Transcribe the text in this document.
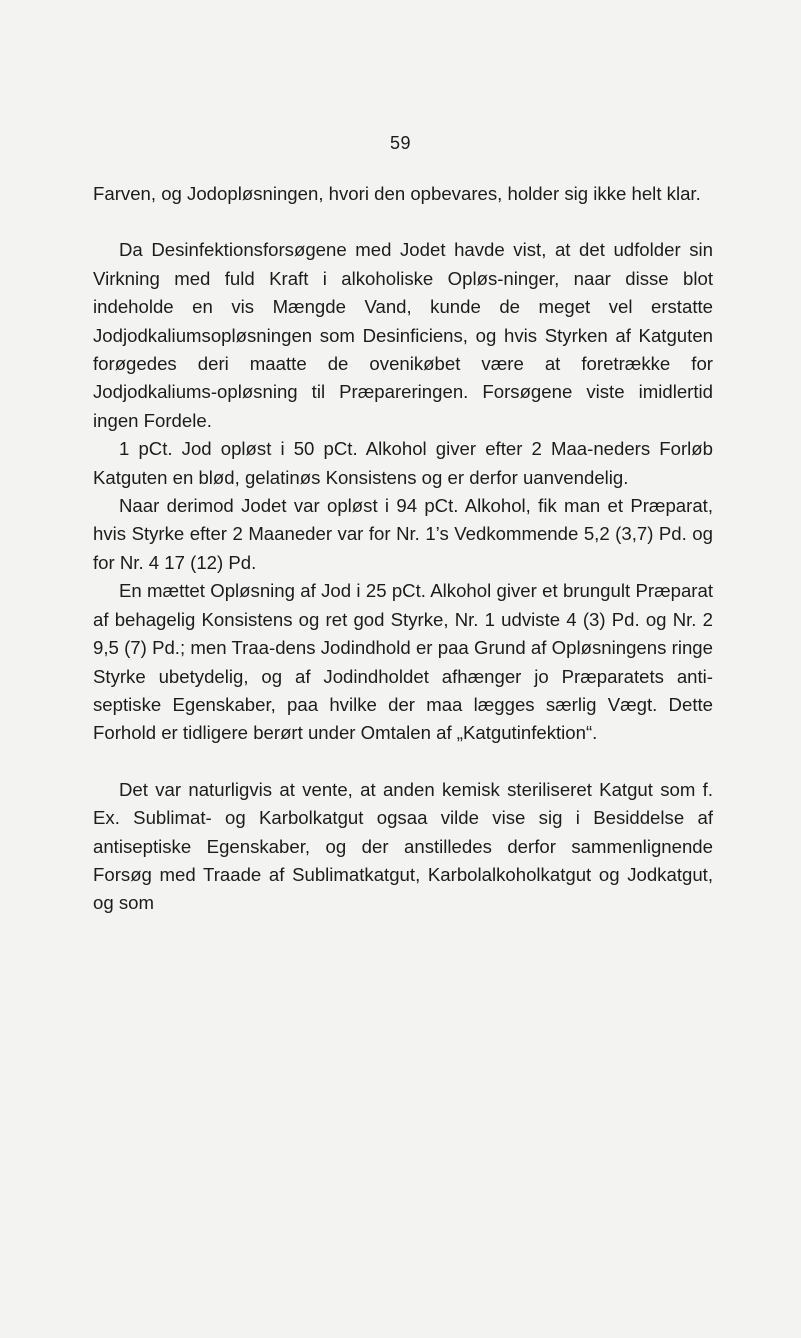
59

Farven, og Jodopløsningen, hvori den opbevares, holder sig ikke helt klar.

Da Desinfektionsforsøgene med Jodet havde vist, at det udfolder sin Virkning med fuld Kraft i alkoholiske Opløs-ninger, naar disse blot indeholde en vis Mængde Vand, kunde de meget vel erstatte Jodjodkaliumsopløsningen som Desinficiens, og hvis Styrken af Katguten forøgedes deri maatte de ovenikøbet være at foretrække for Jodjodkaliums-opløsning til Præpareringen. Forsøgene viste imidlertid ingen Fordele.

1 pCt. Jod opløst i 50 pCt. Alkohol giver efter 2 Maa-neders Forløb Katguten en blød, gelatinøs Konsistens og er derfor uanvendelig.

Naar derimod Jodet var opløst i 94 pCt. Alkohol, fik man et Præparat, hvis Styrke efter 2 Maaneder var for Nr. 1’s Vedkommende 5,2 (3,7) Pd. og for Nr. 4 17 (12) Pd.

En mættet Opløsning af Jod i 25 pCt. Alkohol giver et brungult Præparat af behagelig Konsistens og ret god Styrke, Nr. 1 udviste 4 (3) Pd. og Nr. 2 9,5 (7) Pd.; men Traa-dens Jodindhold er paa Grund af Opløsningens ringe Styrke ubetydelig, og af Jodindholdet afhænger jo Præparatets anti-septiske Egenskaber, paa hvilke der maa lægges særlig Vægt. Dette Forhold er tidligere berørt under Omtalen af „Katgutinfektion“.

Det var naturligvis at vente, at anden kemisk steriliseret Katgut som f. Ex. Sublimat- og Karbolkatgut ogsaa vilde vise sig i Besiddelse af antiseptiske Egenskaber, og der anstilledes derfor sammenlignende Forsøg med Traade af Sublimatkatgut, Karbolalkoholkatgut og Jodkatgut, og som
